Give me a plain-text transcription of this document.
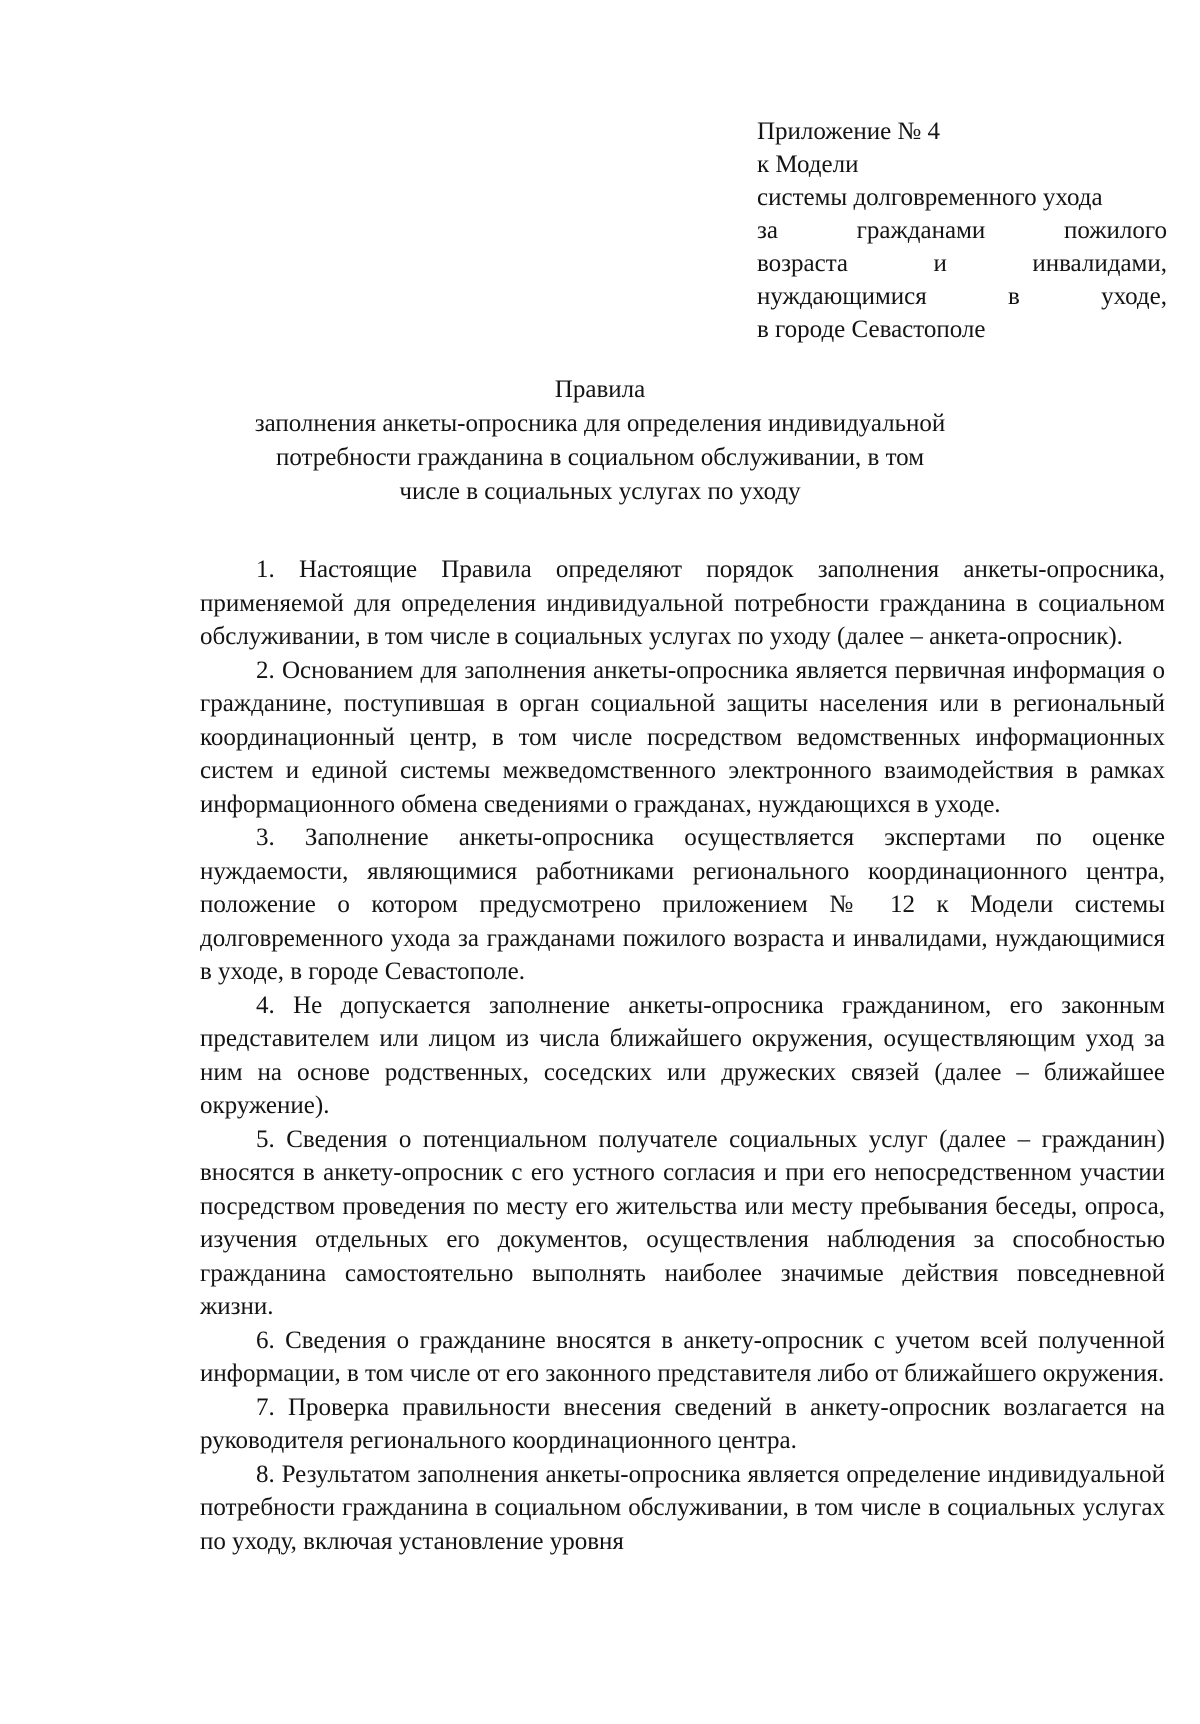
Приложение № 4
к Модели
системы долговременного ухода
за гражданами пожилого
возраста и инвалидами,
нуждающимися в уходе,
в городе Севастополе
Правила
заполнения анкеты-опросника для определения индивидуальной
потребности гражданина в социальном обслуживании, в том
числе в социальных услугах по уходу

1. Настоящие Правила определяют порядок заполнения анкеты-опросника, применяемой для определения индивидуальной потребности гражданина в социальном обслуживании, в том числе в социальных услугах по уходу (далее – анкета-опросник).

2. Основанием для заполнения анкеты-опросника является первичная информация о гражданине, поступившая в орган социальной защиты населения или в региональный координационный центр, в том числе посредством ведомственных информационных систем и единой системы межведомственного электронного взаимодействия в рамках информационного обмена сведениями о гражданах, нуждающихся в уходе.

3. Заполнение анкеты-опросника осуществляется экспертами по оценке нуждаемости, являющимися работниками регионального координационного центра, положение о котором предусмотрено приложением № 12 к Модели системы долговременного ухода за гражданами пожилого возраста и инвалидами, нуждающимися в уходе, в городе Севастополе.

4. Не допускается заполнение анкеты-опросника гражданином, его законным представителем или лицом из числа ближайшего окружения, осуществляющим уход за ним на основе родственных, соседских или дружеских связей (далее – ближайшее окружение).

5. Сведения о потенциальном получателе социальных услуг (далее – гражданин) вносятся в анкету-опросник с его устного согласия и при его непосредственном участии посредством проведения по месту его жительства или месту пребывания беседы, опроса, изучения отдельных его документов, осуществления наблюдения за способностью гражданина самостоятельно выполнять наиболее значимые действия повседневной жизни.

6. Сведения о гражданине вносятся в анкету-опросник с учетом всей полученной информации, в том числе от его законного представителя либо от ближайшего окружения.

7. Проверка правильности внесения сведений в анкету-опросник возлагается на руководителя регионального координационного центра.

8. Результатом заполнения анкеты-опросника является определение индивидуальной потребности гражданина в социальном обслуживании, в том числе в социальных услугах по уходу, включая установление уровня
